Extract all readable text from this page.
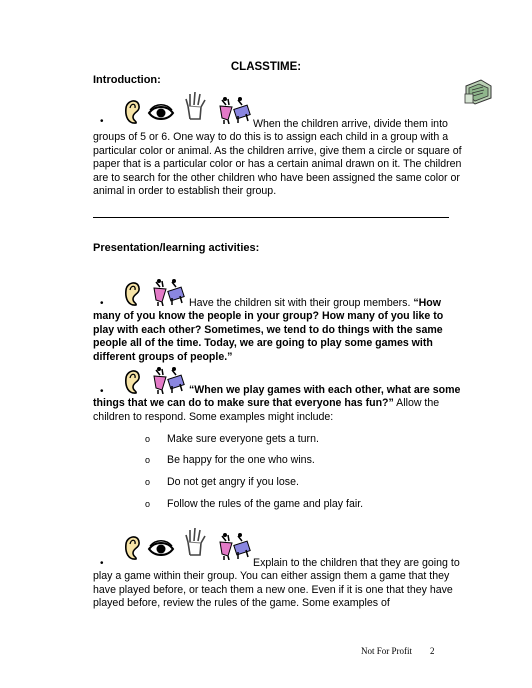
CLASSTIME:
Introduction:
•	When the children arrive, divide them into groups of 5 or 6. One way to do this is to assign each child in a group with a particular color or animal. As the children arrive, give them a circle or square of paper that is a particular color or has a certain animal drawn on it. The children are to search for the other children who have been assigned the same color or animal in order to establish their group.
Presentation/learning activities:
•	Have the children sit with their group members. “How many of you know the people in your group? How many of you like to play with each other? Sometimes, we tend to do things with the same people all of the time. Today, we are going to play some games with different groups of people.”
•	“When we play games with each other, what are some things that we can do to make sure that everyone has fun?” Allow the children to respond. Some examples might include:
o Make sure everyone gets a turn.
o Be happy for the one who wins.
o Do not get angry if you lose.
o Follow the rules of the game and play fair.
•	Explain to the children that they are going to play a game within their group. You can either assign them a game that they have played before, or teach them a new one. Even if it is one that they have played before, review the rules of the game. Some examples of
Not For Profit 2
